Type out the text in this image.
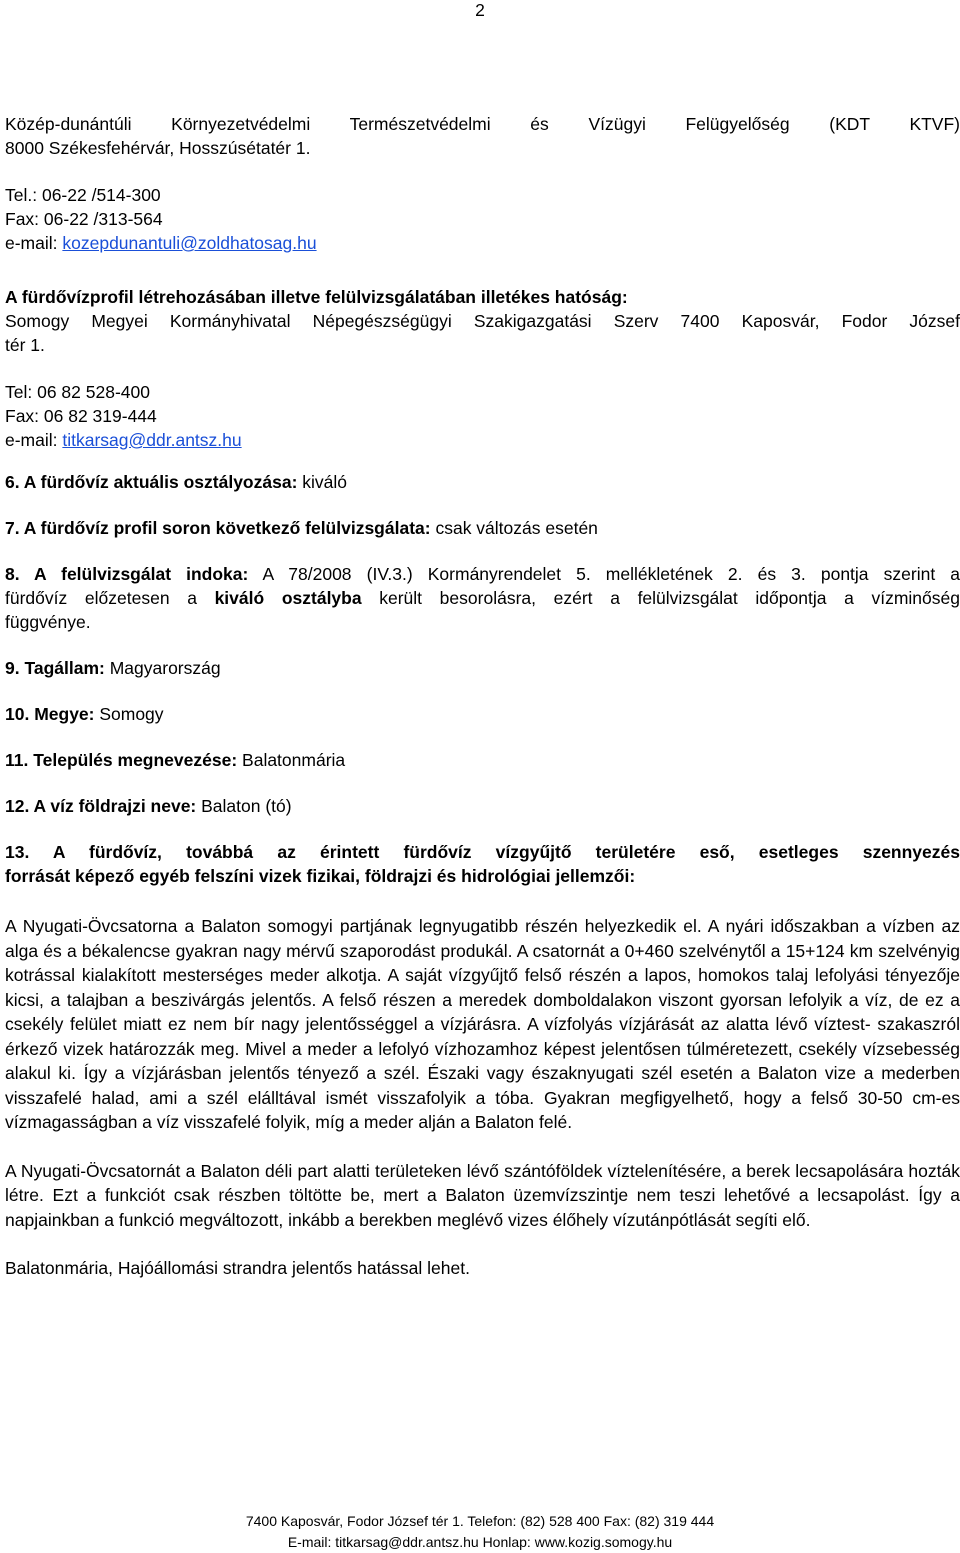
2
Közép-dunántúli Környezetvédelmi Természetvédelmi és Vízügyi Felügyelőség (KDT KTVF)
8000 Székesfehérvár, Hosszúsétatér 1.
Tel.: 06-22 /514-300
Fax: 06-22 /313-564
e-mail: kozepdunantuli@zoldhatosag.hu
A fürdővízprofil létrehozásában illetve felülvizsgálatában illetékes hatóság:
Somogy Megyei Kormányhivatal Népegészségügyi Szakigazgatási Szerv 7400 Kaposvár, Fodor József
tér 1.
Tel: 06 82 528-400
Fax: 06 82 319-444
e-mail: titkarsag@ddr.antsz.hu
6. A fürdővíz aktuális osztályozása: kiváló
7. A fürdővíz profil soron következő felülvizsgálata: csak változás esetén
8. A felülvizsgálat indoka: A 78/2008 (IV.3.) Kormányrendelet 5. mellékletének 2. és 3. pontja szerint a
fürdővíz előzetesen a kiváló osztályba került besorolásra, ezért a felülvizsgálat időpontja a vízminőség
függvénye.
9. Tagállam: Magyarország
10. Megye: Somogy
11. Település megnevezése: Balatonmária
12. A víz földrajzi neve: Balaton (tó)
13. A fürdővíz, továbbá az érintett fürdővíz vízgyűjtő területére eső, esetleges szennyezés
forrását képező egyéb felszíni vizek fizikai, földrajzi és hidrológiai jellemzői:
A Nyugati-Övcsatorna a Balaton somogyi partjának legnyugatibb részén helyezkedik el. A nyári időszakban a vízben az alga és a békalencse gyakran nagy mérvű szaporodást produkál. A csatornát a 0+460 szelvénytől a 15+124 km szelvényig kotrással kialakított mesterséges meder alkotja. A saját vízgyűjtő felső részén a lapos, homokos talaj lefolyási tényezője kicsi, a talajban a beszivárgás jelentős. A felső részen a meredek domboldalakon viszont gyorsan lefolyik a víz, de ez a csekély felület miatt ez nem bír nagy jelentősséggel a vízjárásra. A vízfolyás vízjárását az alatta lévő víztest- szakaszról érkező vizek határozzák meg. Mivel a meder a lefolyó vízhozamhoz képest jelentősen túlméretezett, csekély vízsebesség alakul ki. Így a vízjárásban jelentős tényező a szél. Északi vagy északnyugati szél esetén a Balaton vize a mederben visszafelé halad, ami a szél elálltával ismét visszafolyik a tóba. Gyakran megfigyelhető, hogy a felső 30-50 cm-es vízmagasságban a víz visszafelé folyik, míg a meder alján a Balaton felé.
A Nyugati-Övcsatornát a Balaton déli part alatti területeken lévő szántóföldek víztelenítésére, a berek lecsapolására hozták létre. Ezt a funkciót csak részben töltötte be, mert a Balaton üzemvízszintje nem teszi lehetővé a lecsapolást. Így a napjainkban a funkció megváltozott, inkább a berekben meglévő vizes élőhely vízutánpótlását segíti elő.
Balatonmária, Hajóállomási strandra jelentős hatással lehet.
7400 Kaposvár, Fodor József tér 1. Telefon: (82) 528 400 Fax: (82) 319 444
E-mail: titkarsag@ddr.antsz.hu Honlap: www.kozig.somogy.hu
